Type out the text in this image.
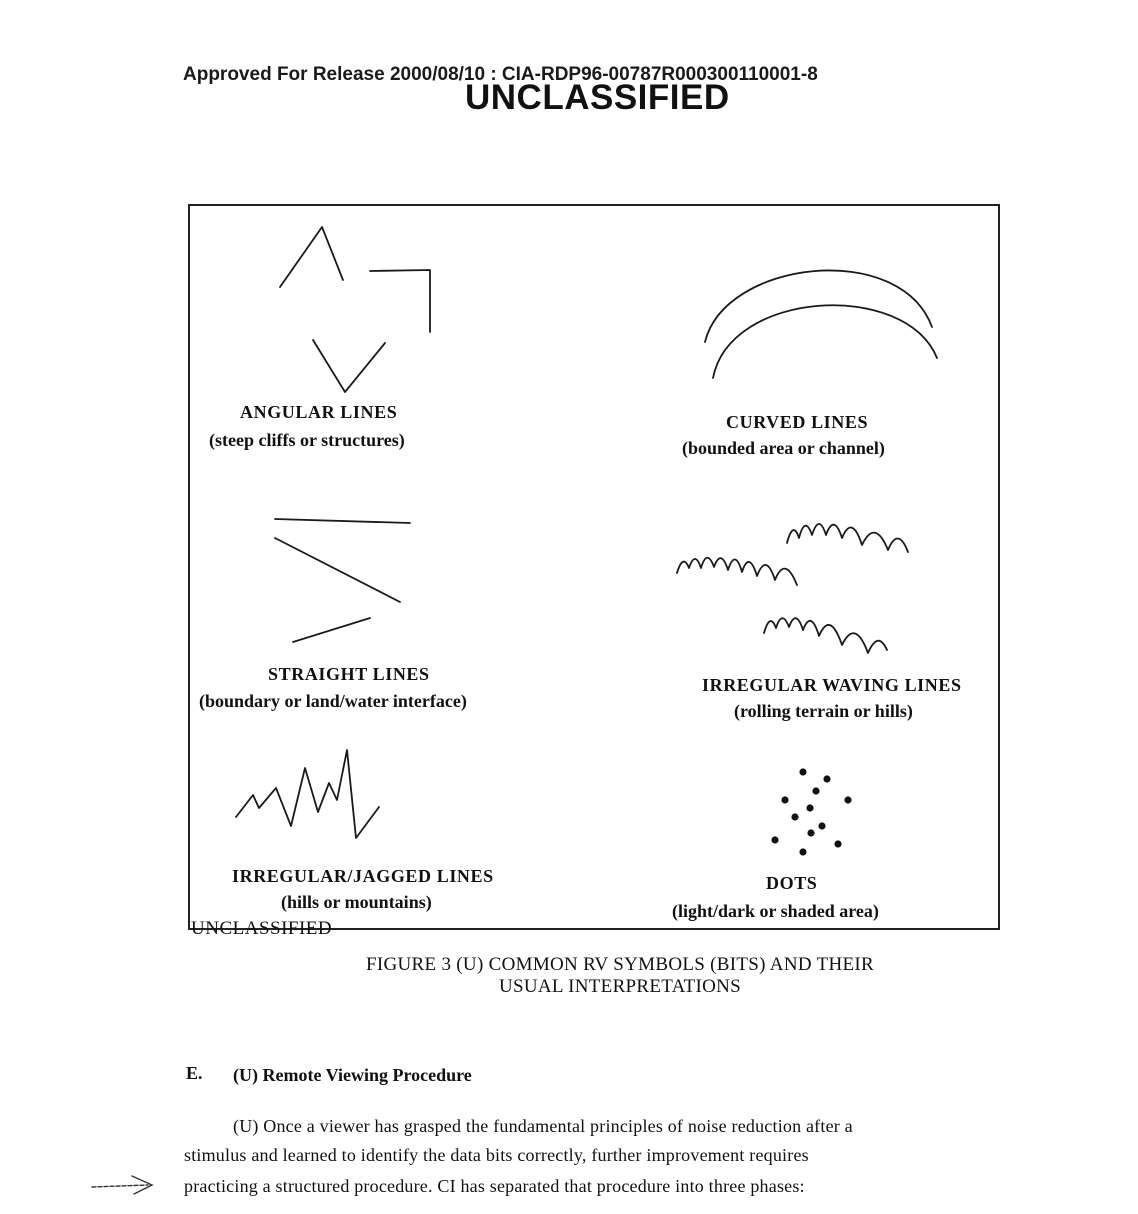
Approved For Release 2000/08/10 : CIA-RDP96-00787R000300110001-8
UNCLASSIFIED
ANGULAR LINES
(steep cliffs or structures)
CURVED LINES
(bounded area or channel)
STRAIGHT LINES
(boundary or land/water interface)
IRREGULAR WAVING LINES
(rolling terrain or hills)
IRREGULAR/JAGGED LINES
(hills or mountains)
DOTS
(light/dark or shaded area)
UNCLASSIFIED
FIGURE 3 (U) COMMON RV SYMBOLS (BITS) AND THEIR
USUAL INTERPRETATIONS
E. (U) Remote Viewing Procedure
(U) Once a viewer has grasped the fundamental principles of noise reduction after a
stimulus and learned to identify the data bits correctly, further improvement requires
practicing a structured procedure. CI has separated that procedure into three phases:
